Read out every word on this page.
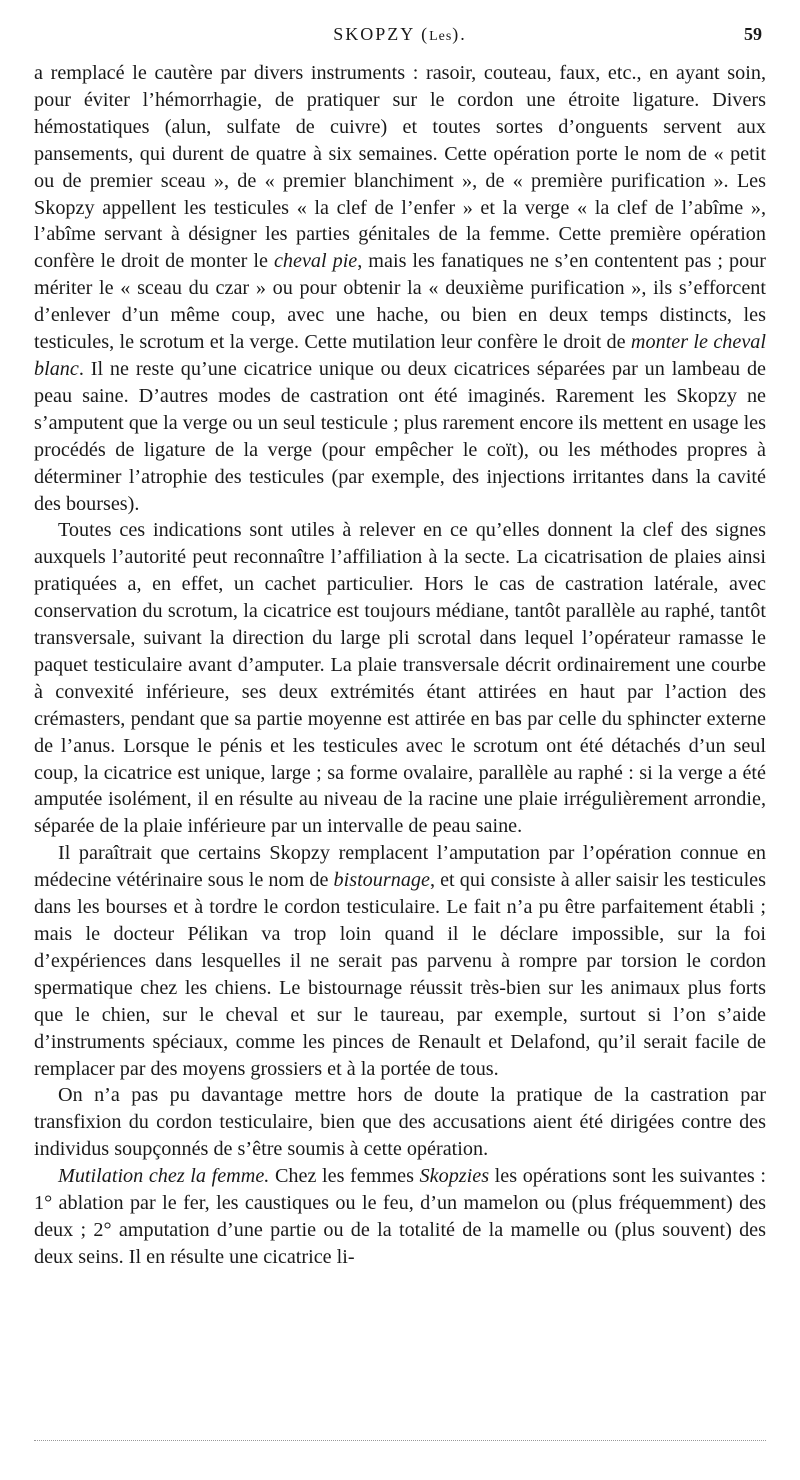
SKOPZY (Les).	59

a remplacé le cautère par divers instruments : rasoir, couteau, faux, etc., en ayant soin, pour éviter l’hémorrhagie, de pratiquer sur le cordon une étroite ligature. Divers hémostatiques (alun, sulfate de cuivre) et toutes sortes d’onguents servent aux pansements, qui durent de quatre à six semaines. Cette opération porte le nom de « petit ou de premier sceau », de « premier blanchiment », de « première purification ». Les Skopzy appellent les testicules « la clef de l’enfer » et la verge « la clef de l’abîme », l’abîme servant à désigner les parties génitales de la femme. Cette première opération confère le droit de monter le cheval pie, mais les fanatiques ne s’en contentent pas ; pour mériter le « sceau du czar » ou pour obtenir la « deuxième purification », ils s’efforcent d’enlever d’un même coup, avec une hache, ou bien en deux temps distincts, les testicules, le scrotum et la verge. Cette mutilation leur confère le droit de monter le cheval blanc. Il ne reste qu’une cicatrice unique ou deux cicatrices séparées par un lambeau de peau saine. D’autres modes de castration ont été imaginés. Rarement les Skopzy ne s’amputent que la verge ou un seul testicule ; plus rarement encore ils mettent en usage les procédés de ligature de la verge (pour empêcher le coït), ou les méthodes propres à déterminer l’atrophie des testicules (par exemple, des injections irritantes dans la cavité des bourses).

Toutes ces indications sont utiles à relever en ce qu’elles donnent la clef des signes auxquels l’autorité peut reconnaître l’affiliation à la secte. La cicatrisation de plaies ainsi pratiquées a, en effet, un cachet particulier. Hors le cas de castration latérale, avec conservation du scrotum, la cicatrice est toujours médiane, tantôt parallèle au raphé, tantôt transversale, suivant la direction du large pli scrotal dans lequel l’opérateur ramasse le paquet testiculaire avant d’amputer. La plaie transversale décrit ordinairement une courbe à convexité inférieure, ses deux extrémités étant attirées en haut par l’action des crémasters, pendant que sa partie moyenne est attirée en bas par celle du sphincter externe de l’anus. Lorsque le pénis et les testicules avec le scrotum ont été détachés d’un seul coup, la cicatrice est unique, large ; sa forme ovalaire, parallèle au raphé : si la verge a été amputée isolément, il en résulte au niveau de la racine une plaie irrégulièrement arrondie, séparée de la plaie inférieure par un intervalle de peau saine.

Il paraîtrait que certains Skopzy remplacent l’amputation par l’opération connue en médecine vétérinaire sous le nom de bistournage, et qui consiste à aller saisir les testicules dans les bourses et à tordre le cordon testiculaire. Le fait n’a pu être parfaitement établi ; mais le docteur Pélikan va trop loin quand il le déclare impossible, sur la foi d’expériences dans lesquelles il ne serait pas parvenu à rompre par torsion le cordon spermatique chez les chiens. Le bistournage réussit très-bien sur les animaux plus forts que le chien, sur le cheval et sur le taureau, par exemple, surtout si l’on s’aide d’instruments spéciaux, comme les pinces de Renault et Delafond, qu’il serait facile de remplacer par des moyens grossiers et à la portée de tous.

On n’a pas pu davantage mettre hors de doute la pratique de la castration par transfixion du cordon testiculaire, bien que des accusations aient été dirigées contre des individus soupçonnés de s’être soumis à cette opération.

Mutilation chez la femme. Chez les femmes Skopzies les opérations sont les suivantes : 1° ablation par le fer, les caustiques ou le feu, d’un mamelon ou (plus fréquemment) des deux ; 2° amputation d’une partie ou de la totalité de la mamelle ou (plus souvent) des deux seins. Il en résulte une cicatrice li-
